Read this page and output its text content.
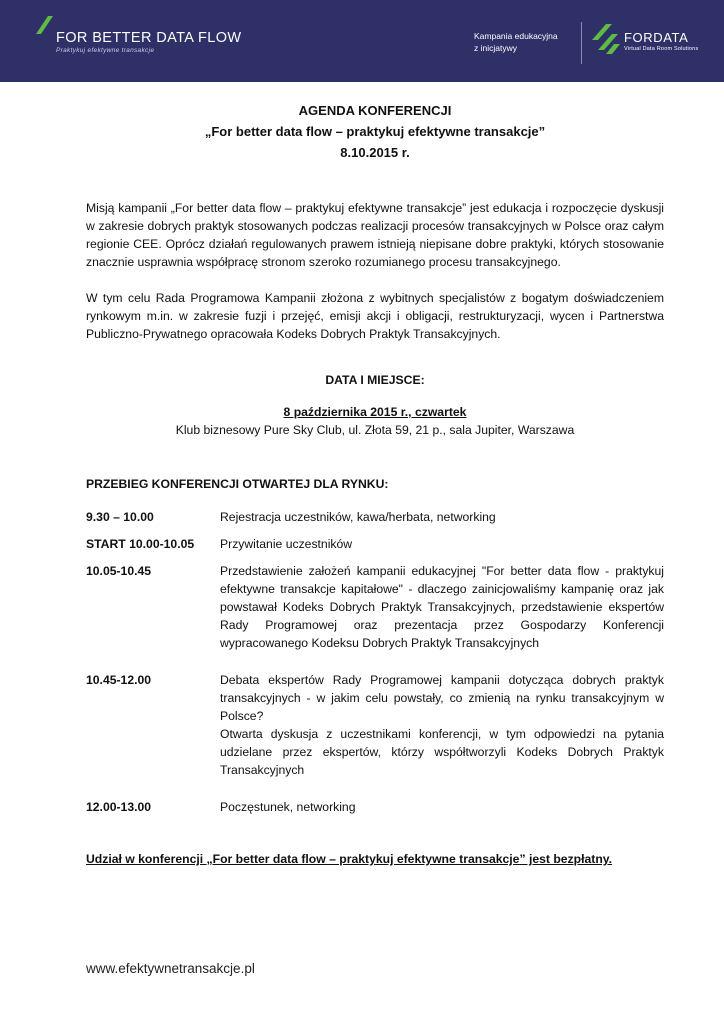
FOR BETTER DATA FLOW
Praktykuj efektywne transakcje
Kampania edukacyjna
z inicjatywy
FORDATA
Virtual Data Room Solutions
AGENDA KONFERENCJI
„For better data flow – praktykuj efektywne transakcje”
8.10.2015 r.

Misją kampanii „For better data flow – praktykuj efektywne transakcje” jest edukacja i rozpoczęcie dyskusji w zakresie dobrych praktyk stosowanych podczas realizacji procesów transakcyjnych w Polsce oraz całym regionie CEE. Oprócz działań regulowanych prawem istnieją niepisane dobre praktyki, których stosowanie znacznie usprawnia współpracę stronom szeroko rozumianego procesu transakcyjnego.

W tym celu Rada Programowa Kampanii złożona z wybitnych specjalistów z bogatym doświadczeniem rynkowym m.in. w zakresie fuzji i przejęć, emisji akcji i obligacji, restrukturyzacji, wycen i Partnerstwa Publiczno-Prywatnego opracowała Kodeks Dobrych Praktyk Transakcyjnych.

DATA I MIEJSCE:
8 października 2015 r., czwartek
Klub biznesowy Pure Sky Club, ul. Złota 59, 21 p., sala Jupiter, Warszawa
PRZEBIEG KONFERENCJI OTWARTEJ DLA RYNKU:
9.30 – 10.00	Rejestracja uczestników, kawa/herbata, networking
START 10.00-10.05	Przywitanie uczestników
10.05-10.45	Przedstawienie założeń kampanii edukacyjnej "For better data flow - praktykuj efektywne transakcje kapitałowe" - dlaczego zainicjowaliśmy kampanię oraz jak powstawał Kodeks Dobrych Praktyk Transakcyjnych, przedstawienie ekspertów Rady Programowej oraz prezentacja przez Gospodarzy Konferencji wypracowanego Kodeksu Dobrych Praktyk Transakcyjnych
10.45-12.00	Debata ekspertów Rady Programowej kampanii dotycząca dobrych praktyk transakcyjnych - w jakim celu powstały, co zmienią na rynku transakcyjnym w Polsce?
Otwarta dyskusja z uczestnikami konferencji, w tym odpowiedzi na pytania udzielane przez ekspertów, którzy współtworzyli Kodeks Dobrych Praktyk Transakcyjnych
12.00-13.00	Poczęstunek, networking
Udział w konferencji „For better data flow – praktykuj efektywne transakcje” jest bezpłatny.
www.efektywnetransakcje.pl
